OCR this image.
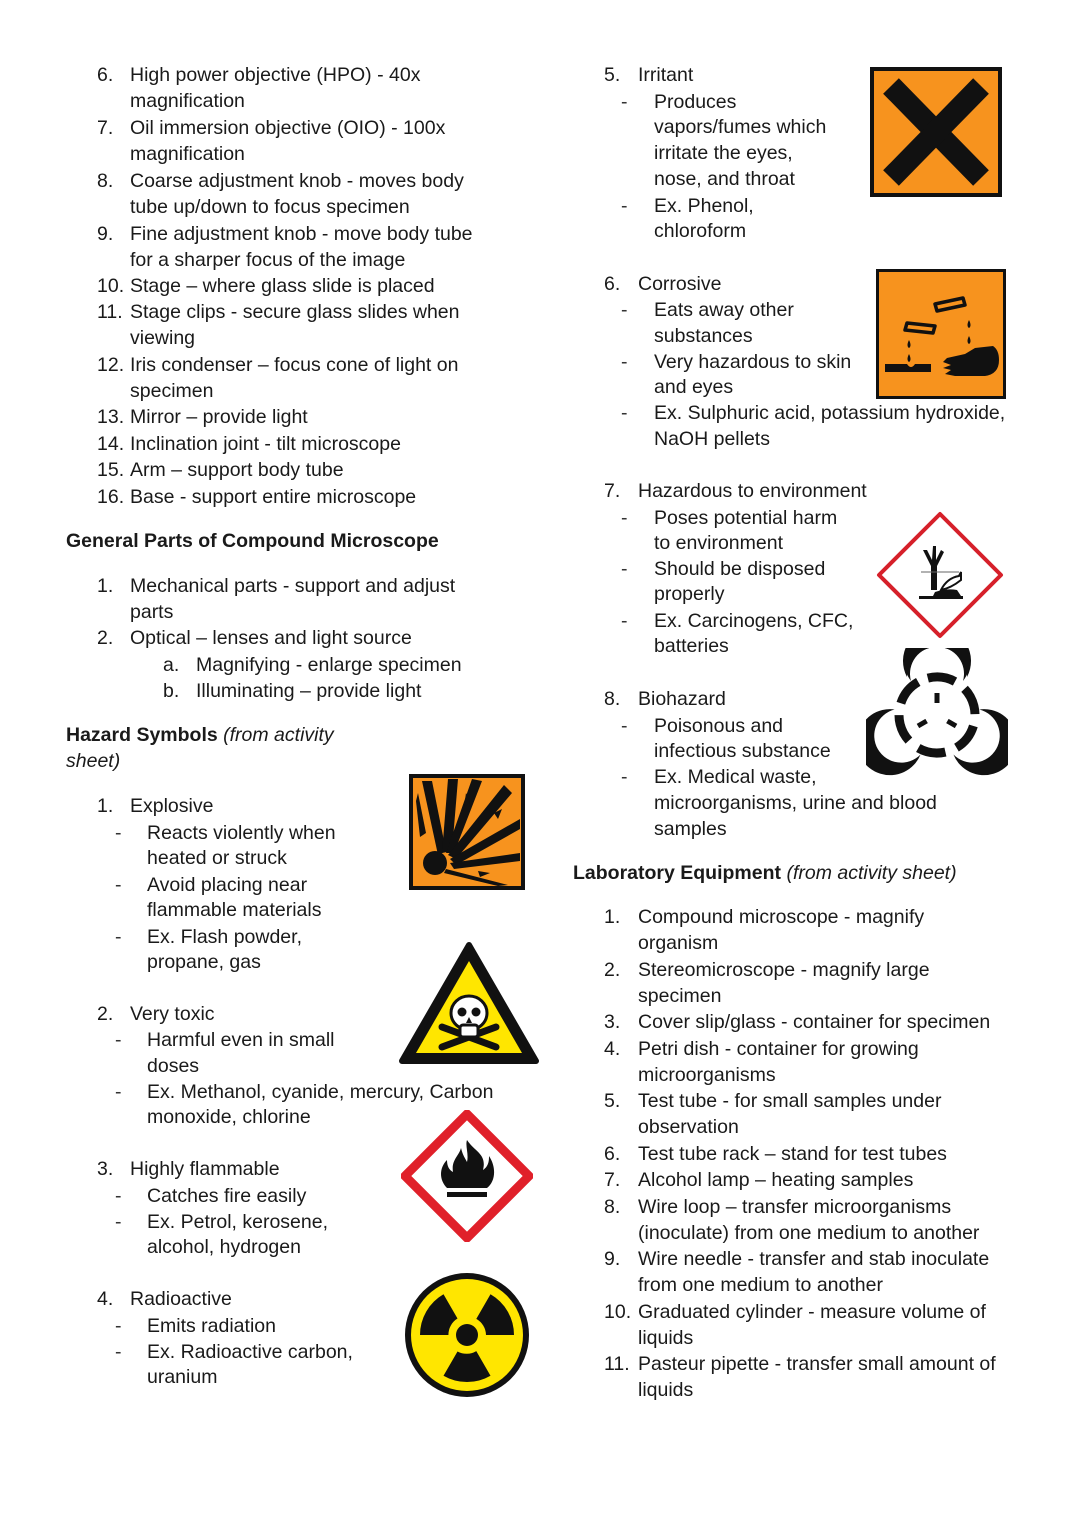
6. High power objective (HPO) - 40x
magnification
7. Oil immersion objective (OIO) - 100x
magnification
8. Coarse adjustment knob - moves body
tube up/down to focus specimen
9. Fine adjustment knob - move body tube
for a sharper focus of the image
10. Stage – where glass slide is placed
11. Stage clips - secure glass slides when
viewing
12. Iris condenser – focus cone of light on
specimen
13. Mirror – provide light
14. Inclination joint - tilt microscope
15. Arm – support body tube
16. Base - support entire microscope
General Parts of Compound Microscope
1. Mechanical parts - support and adjust
parts
2. Optical – lenses and light source
a. Magnifying - enlarge specimen
b. Illuminating – provide light
Hazard Symbols (from activity
sheet)
1. Explosive
- Reacts violently when
heated or struck
- Avoid placing near
flammable materials
- Ex. Flash powder,
propane, gas
2. Very toxic
- Harmful even in small
doses
- Ex. Methanol, cyanide, mercury, Carbon
monoxide, chlorine
3. Highly flammable
- Catches fire easily
- Ex. Petrol, kerosene,
alcohol, hydrogen
4. Radioactive
- Emits radiation
- Ex. Radioactive carbon,
uranium
5. Irritant
- Produces
vapors/fumes which
irritate the eyes,
nose, and throat
- Ex. Phenol,
chloroform
6. Corrosive
- Eats away other
substances
- Very hazardous to skin
and eyes
- Ex. Sulphuric acid, potassium hydroxide,
NaOH pellets
7. Hazardous to environment
- Poses potential harm
to environment
- Should be disposed
properly
- Ex. Carcinogens, CFC,
batteries
8. Biohazard
- Poisonous and
infectious substance
- Ex. Medical waste,
microorganisms, urine and blood
samples
Laboratory Equipment (from activity sheet)
1. Compound microscope - magnify
organism
2. Stereomicroscope - magnify large
specimen
3. Cover slip/glass - container for specimen
4. Petri dish - container for growing
microorganisms
5. Test tube - for small samples under
observation
6. Test tube rack – stand for test tubes
7. Alcohol lamp – heating samples
8. Wire loop – transfer microorganisms
(inoculate) from one medium to another
9. Wire needle - transfer and stab inoculate
from one medium to another
10. Graduated cylinder - measure volume of
liquids
11. Pasteur pipette - transfer small amount of
liquids
